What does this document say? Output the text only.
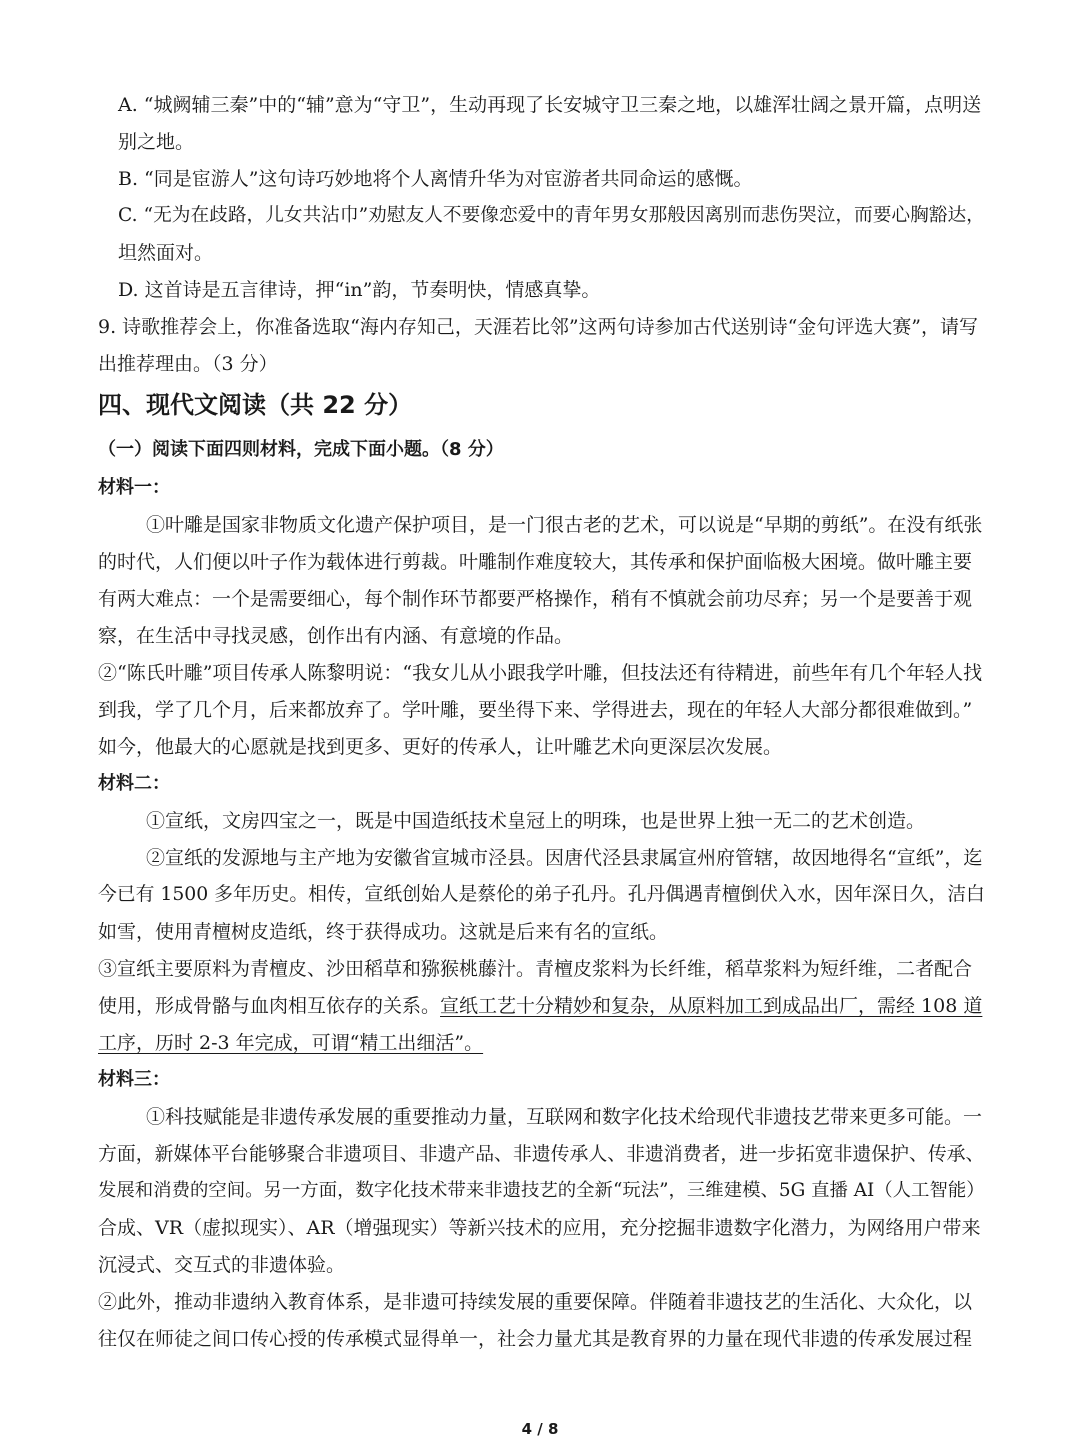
A. “城阙辅三秦”中的“辅”意为“守卫”，生动再现了长安城守卫三秦之地，以雄浑壮阔之景开篇，点明送
别之地。
B. “同是宦游人”这句诗巧妙地将个人离情升华为对宦游者共同命运的感慨。
C. “无为在歧路，儿女共沾巾”劝慰友人不要像恋爱中的青年男女那般因离别而悲伤哭泣，而要心胸豁达，
坦然面对。
D. 这首诗是五言律诗，押“in”韵，节奏明快，情感真挚。
9. 诗歌推荐会上，你准备选取“海内存知己，天涯若比邻”这两句诗参加古代送别诗“金句评选大赛”，请写
出推荐理由。（3 分）
四、现代文阅读（共 22 分）
（一）阅读下面四则材料，完成下面小题。（8 分）
材料一：
①叶雕是国家非物质文化遗产保护项目，是一门很古老的艺术，可以说是“早期的剪纸”。在没有纸张
的时代，人们便以叶子作为载体进行剪裁。叶雕制作难度较大，其传承和保护面临极大困境。做叶雕主要
有两大难点：一个是需要细心，每个制作环节都要严格操作，稍有不慎就会前功尽弃；另一个是要善于观
察，在生活中寻找灵感，创作出有内涵、有意境的作品。
②“陈氏叶雕”项目传承人陈黎明说：“我女儿从小跟我学叶雕，但技法还有待精进，前些年有几个年轻人找
到我，学了几个月，后来都放弃了。学叶雕，要坐得下来、学得进去，现在的年轻人大部分都很难做到。”
如今，他最大的心愿就是找到更多、更好的传承人，让叶雕艺术向更深层次发展。
材料二：
①宣纸，文房四宝之一，既是中国造纸技术皇冠上的明珠，也是世界上独一无二的艺术创造。
②宣纸的发源地与主产地为安徽省宣城市泾县。因唐代泾县隶属宣州府管辖，故因地得名“宣纸”，迄
今已有 1500 多年历史。相传，宣纸创始人是蔡伦的弟子孔丹。孔丹偶遇青檀倒伏入水，因年深日久，洁白
如雪，使用青檀树皮造纸，终于获得成功。这就是后来有名的宣纸。
③宣纸主要原料为青檀皮、沙田稻草和猕猴桃藤汁。青檀皮浆料为长纤维，稻草浆料为短纤维，二者配合
使用，形成骨骼与血肉相互依存的关系。宣纸工艺十分精妙和复杂，从原料加工到成品出厂，需经 108 道
工序，历时 2-3 年完成，可谓“精工出细活”。
材料三：
①科技赋能是非遗传承发展的重要推动力量，互联网和数字化技术给现代非遗技艺带来更多可能。一
方面，新媒体平台能够聚合非遗项目、非遗产品、非遗传承人、非遗消费者，进一步拓宽非遗保护、传承、
发展和消费的空间。另一方面，数字化技术带来非遗技艺的全新“玩法”，三维建模、5G 直播 AI（人工智能）
合成、VR（虚拟现实）、AR（增强现实）等新兴技术的应用，充分挖掘非遗数字化潜力，为网络用户带来
沉浸式、交互式的非遗体验。
②此外，推动非遗纳入教育体系，是非遗可持续发展的重要保障。伴随着非遗技艺的生活化、大众化，以
往仅在师徒之间口传心授的传承模式显得单一，社会力量尤其是教育界的力量在现代非遗的传承发展过程
4 / 8
